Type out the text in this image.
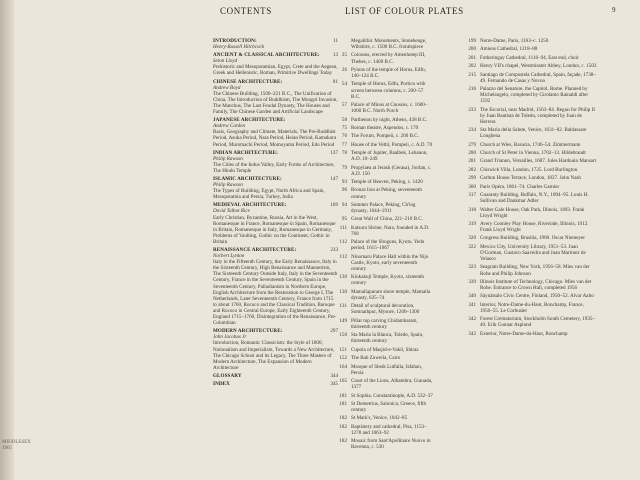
MIDDLESEX
1965
CONTENTS	LIST OF COLOUR PLATES	9
INTRODUCTION:	11
Henry-Russell Hitchcock
ANCIENT & CLASSICAL ARCHITECTURE:	13
Seton Lloyd
Prehistoric and Mesopotamian, Egypt, Crete and the Aegean, Greek and Hellenistic, Roman, Primitive Dwellings Today
CHINESE ARCHITECTURE:	81
Andrew Boyd
The Chinese Building, 1500–221 B.C., The Unification of China, The Introduction of Buddhism, The Mongol Invasion, The Manchus, The Last Feudal Dynasty, The Houses and Family, The Chinese Garden and Artificial Landscape
JAPANESE ARCHITECTURE:
Andrew Carden
Basis, Geography and Climate, Materials, The Pre-Buddhist Period, Asuka Period, Nara Period, Heian Period, Kamakura Period, Muromachi Period, Momoyama Period, Edo Period
INDIAN ARCHITECTURE:	137
Philip Rawson
The Cities of the Indus Valley, Early Forms of Architecture, The Hindu Temple
ISLAMIC ARCHITECTURE:	147
Philip Rawson
The Types of Building, Egypt, North Africa and Spain, Mesopotamia and Persia, Turkey, India
MEDIEVAL ARCHITECTURE:	169
David Talbot Rice
Early Christian, Byzantine, Russia, Art in the West, Romanesque in France, Romanesque in Spain, Romanesque in Britain, Romanesque in Italy, Romanesque in Germany, Problems of Vaulting, Gothic on the Continent, Gothic in Britain
RENAISSANCE ARCHITECTURE:	233
Norbert Lynton
Italy in the Fifteenth Century, the Early Renaissance, Italy in the Sixteenth Century, High Renaissance and Mannerism, The Sixteenth Century Outside Italy, Italy in the Seventeenth Century, France in the Seventeenth Century, Spain in the Seventeenth Century, Palladianism in Northern Europe, English Architecture from the Restoration to George I, The Netherlands, Later Seventeenth Century, France from 1715 to about 1760, Rococo and the Classical Tradition, Baroque and Rococo in Central Europe, Early Eighteenth Century, England 1715–1760, Disintegration of the Renaissance, Pre-Columbian
MODERN ARCHITECTURE:	297
John Jacobus Jr
Introduction, Romantic Classicism: the Style of 1800, Nationalism and Imperialism, Towards a New Architecture, The Chicago School and its Legacy, The Three Masters of Modern Architecture, The Expansion of Modern Architecture
GLOSSARY	344
INDEX	345
Megalithic Monuments, Stonehenge, Wiltshire, c. 1500 B.C. frontispiece
25 Colossus, erected by Amenhotep III, Thebes, c. 1400 B.C.
26 Pylons of the temple of Horus, Edfu, 140–124 B.C.
54 Temple of Horus, Edfu, Portico with screen between columns, c. 200–57 B.C.
57 Palace of Minos at Cnossos, c. 1600–1000 B.C. North Porch
58 Parthenon by night, Athens, 438 B.C.
75 Roman theatre, Aspendos, c. 170
76 The Forum, Pompeii, c. 200 B.C.
77 House of the Vettii, Pompeii, c. A.D. 70
78 Temple of Jupiter, Baalbek, Lebanon, A.D. 10–249
79 Propylaea at Jerash (Gerasa), Jordan, c. A.D. 150
93 Temple of Heaven, Peking, c. 1420
96 Bronze lion at Peking, seventeenth century
94 Summer Palace, Peking, Ch'ing dynasty, 1644–1911
95 Great Wall of China, 221–210 B.C.
111 Katsura Shrine, Nara, founded in A.D. 768
112 Palace of the Shoguns, Kyoto, Yedo period, 1615–1867
112 Ninomaru Palace Hall within the Nijo Castle, Kyoto, early seventeenth century
130 Kinkakuji Temple, Kyoto, sixteenth century
130 Mamallapuram shore temple, Mamalla dynasty, 625–74
131 Detail of sculptural decoration, Somnathpur, Mysore, 1200–1300
149 Pillar top carving Chidambaram, thirteenth century
150 Sta Maria la Blanca, Toledo, Spain, thirteenth century
151 Cupola of Masjid-e-Vakil, Shiraz
152 The Bab Zuweila, Cairo
164 Mosque of Sheik Lutfalla, Isfahan, Persia
165 Court of the Lions, Alhambra, Granada, 1377
181 St Sophia, Constantinople, A.D. 532–37
181 St Demetrius, Salonica, Greece, fifth century
182 St Mark's, Venice, 1042–85
182 Baptistery and cathedral, Pisa, 1153–1278 and 1063–92
182 Mosaic from Sant'Apollinare Nuovo in Ravenna, c. 530
199 Notre-Dame, Paris, 1163–c. 1250
200 Amiens Cathedral, 1218–88
201 Fotheringay Cathedral, 1116–94, East end, choir
202 Henry VII's chapel, Westminster Abbey, London, c. 1503
215 Santiago de Compostela Cathedral, Spain, façade, 1738–49. Fernando de Casas y Novoa
216 Palazzo del Senatore, the Capitol, Rome. Planned by Michelangelo, completed by Girolamo Rainaldi after 1592
233 The Escorial, near Madrid, 1563–84. Begun for Philip II by Juan Bautista de Toledo, completed by Juan de Herrera
234 Sta Maria della Salute, Venice, 1631–82. Baldassare Longhena
279 Church at Wies, Bavaria, 1746–54. Zimmermann
280 Church of St Peter in Vienna, 1702–13. Hildebrandt
281 Grand Trianon, Versailles, 1687. Jules Hardouin Mansart
282 Chiswick Villa, London, 1725. Lord Burlington
299 Carlton House Terrace, London, 1827. John Nash
300 Paris Opéra, 1861–74. Charles Garnier
317 Guaranty Building, Buffalo, N.Y., 1894–95. Louis H. Sullivan and Dankmar Adler
318 Walter Gale House, Oak Park, Illinois, 1893. Frank Lloyd Wright
319 Avery Coonley Play House, Riverside, Illinois, 1912. Frank Lloyd Wright
320 Congress Building, Brasilia, 1960. Oscar Niemeyer
322 Mexico City, University Library, 1951–53. Juan O'Gorman, Gustavo Saavedra and Juan Martinez de Velasco
323 Seagram Building, New York, 1956–58. Mies van der Rohe and Philip Johnson
339 Illinois Institute of Technology, Chicago. Mies van der Rohe. Entrance to Crown Hall, completed 1956
340 Säynätsalo Civic Centre, Finland, 1950–52. Alvar Aalto
341 Interior, Notre-Dame-du-Haut, Ronchamp, France, 1950–55. Le Corbusier
342 Forest Crematorium, Stockholm South Cemetery, 1935–40. Erik Gunnar Asplund
342 Exterior, Notre-Dame-du-Haut, Ronchamp
